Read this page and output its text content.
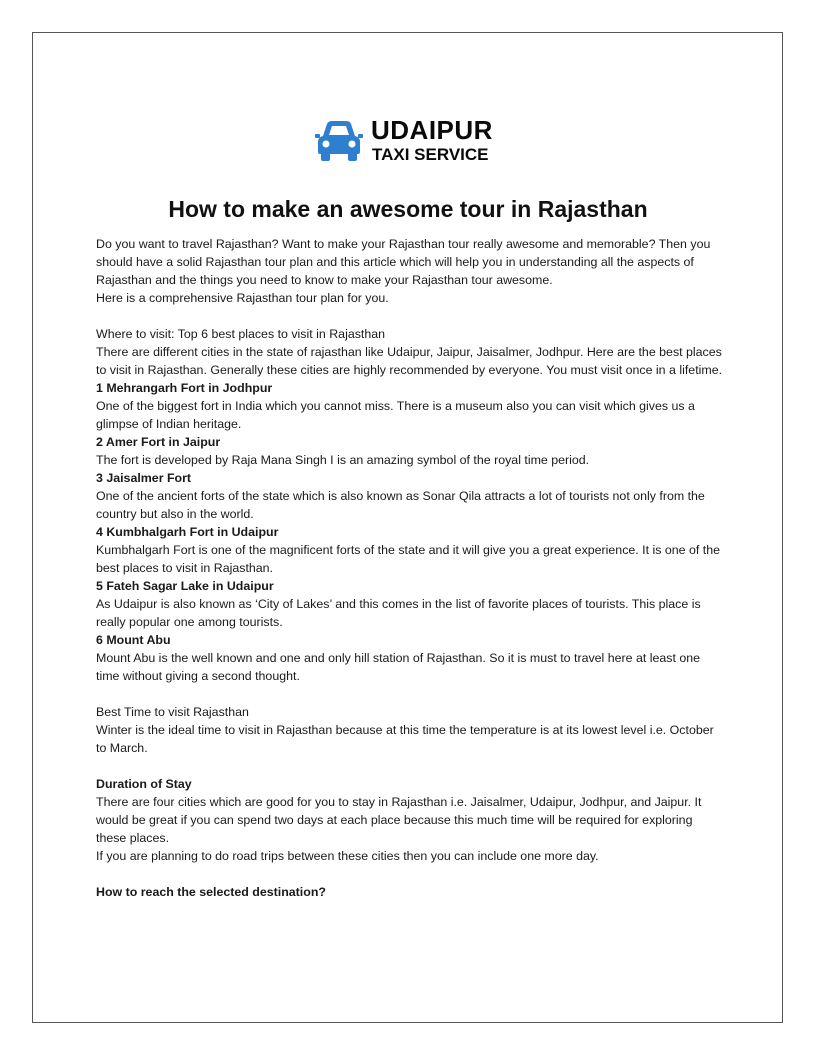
UDAIPUR
TAXI SERVICE
How to make an awesome tour in Rajasthan

Do you want to travel Rajasthan? Want to make your Rajasthan tour really awesome and memorable? Then you should have a solid Rajasthan tour plan and this article which will help you in understanding all the aspects of Rajasthan and the things you need to know to make your Rajasthan tour awesome.

Here is a comprehensive Rajasthan tour plan for you.

Where to visit: Top 6 best places to visit in Rajasthan

There are different cities in the state of rajasthan like Udaipur, Jaipur, Jaisalmer, Jodhpur. Here are the best places to visit in Rajasthan. Generally these cities are highly recommended by everyone. You must visit once in a lifetime.

1 Mehrangarh Fort in Jodhpur

One of the biggest fort in India which you cannot miss. There is a museum also you can visit which gives us a glimpse of Indian heritage.

2 Amer Fort in Jaipur

The fort is developed by Raja Mana Singh I is an amazing symbol of the royal time period.

3 Jaisalmer Fort

One of the ancient forts of the state which is also known as Sonar Qila attracts a lot of tourists not only from the country but also in the world.

4 Kumbhalgarh Fort in Udaipur

Kumbhalgarh Fort is one of the magnificent forts of the state and it will give you a great experience. It is one of the best places to visit in Rajasthan.

5 Fateh Sagar Lake in Udaipur

As Udaipur is also known as ‘City of Lakes’ and this comes in the list of favorite places of tourists. This place is really popular one among tourists.

6 Mount Abu

Mount Abu is the well known and one and only hill station of Rajasthan. So it is must to travel here at least one time without giving a second thought.

Best Time to visit Rajasthan

Winter is the ideal time to visit in Rajasthan because at this time the temperature is at its lowest level i.e. October to March.

Duration of Stay

There are four cities which are good for you to stay in Rajasthan i.e. Jaisalmer, Udaipur, Jodhpur, and Jaipur. It would be great if you can spend two days at each place because this much time will be required for exploring these places.

If you are planning to do road trips between these cities then you can include one more day.

How to reach the selected destination?
